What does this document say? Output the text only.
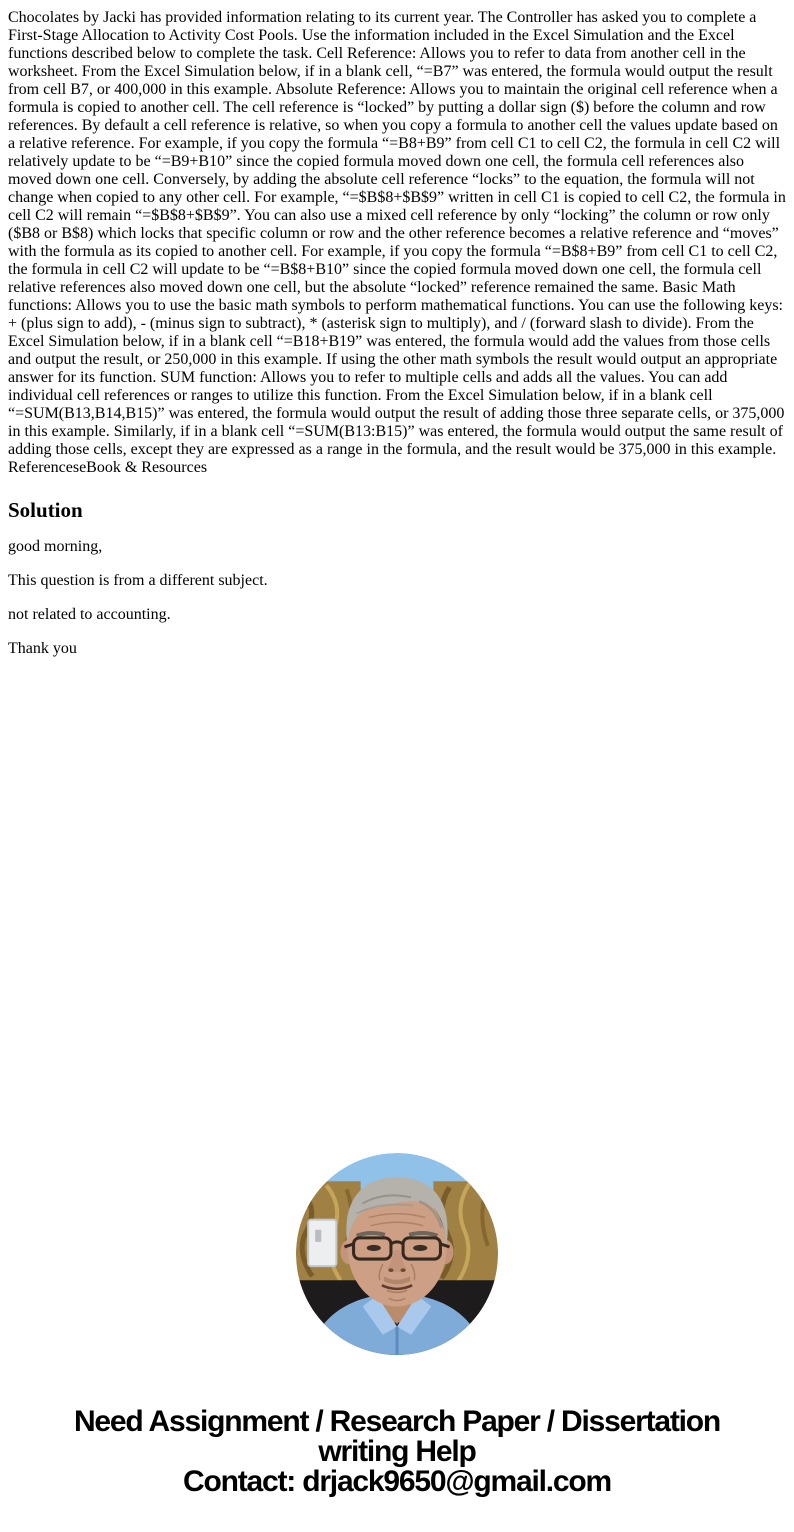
Chocolates by Jacki has provided information relating to its current year. The Controller has asked you to complete a First-Stage Allocation to Activity Cost Pools. Use the information included in the Excel Simulation and the Excel functions described below to complete the task. Cell Reference: Allows you to refer to data from another cell in the worksheet. From the Excel Simulation below, if in a blank cell, “=B7” was entered, the formula would output the result from cell B7, or 400,000 in this example. Absolute Reference: Allows you to maintain the original cell reference when a formula is copied to another cell. The cell reference is “locked” by putting a dollar sign ($) before the column and row references. By default a cell reference is relative, so when you copy a formula to another cell the values update based on a relative reference. For example, if you copy the formula “=B8+B9” from cell C1 to cell C2, the formula in cell C2 will relatively update to be “=B9+B10” since the copied formula moved down one cell, the formula cell references also moved down one cell. Conversely, by adding the absolute cell reference “locks” to the equation, the formula will not change when copied to any other cell. For example, “=$B$8+$B$9” written in cell C1 is copied to cell C2, the formula in cell C2 will remain “=$B$8+$B$9”. You can also use a mixed cell reference by only “locking” the column or row only ($B8 or B$8) which locks that specific column or row and the other reference becomes a relative reference and “moves” with the formula as its copied to another cell. For example, if you copy the formula “=B$8+B9” from cell C1 to cell C2, the formula in cell C2 will update to be “=B$8+B10” since the copied formula moved down one cell, the formula cell relative references also moved down one cell, but the absolute “locked” reference remained the same. Basic Math functions: Allows you to use the basic math symbols to perform mathematical functions. You can use the following keys: + (plus sign to add), - (minus sign to subtract), * (asterisk sign to multiply), and / (forward slash to divide). From the Excel Simulation below, if in a blank cell “=B18+B19” was entered, the formula would add the values from those cells and output the result, or 250,000 in this example. If using the other math symbols the result would output an appropriate answer for its function. SUM function: Allows you to refer to multiple cells and adds all the values. You can add individual cell references or ranges to utilize this function. From the Excel Simulation below, if in a blank cell “=SUM(B13,B14,B15)” was entered, the formula would output the result of adding those three separate cells, or 375,000 in this example. Similarly, if in a blank cell “=SUM(B13:B15)” was entered, the formula would output the same result of adding those cells, except they are expressed as a range in the formula, and the result would be 375,000 in this example. ReferenceseBook & Resources

Solution

good morning,

This question is from a different subject.

not related to accounting.

Thank you

Need Assignment / Research Paper / Dissertation
writing Help
Contact: drjack9650@gmail.com
